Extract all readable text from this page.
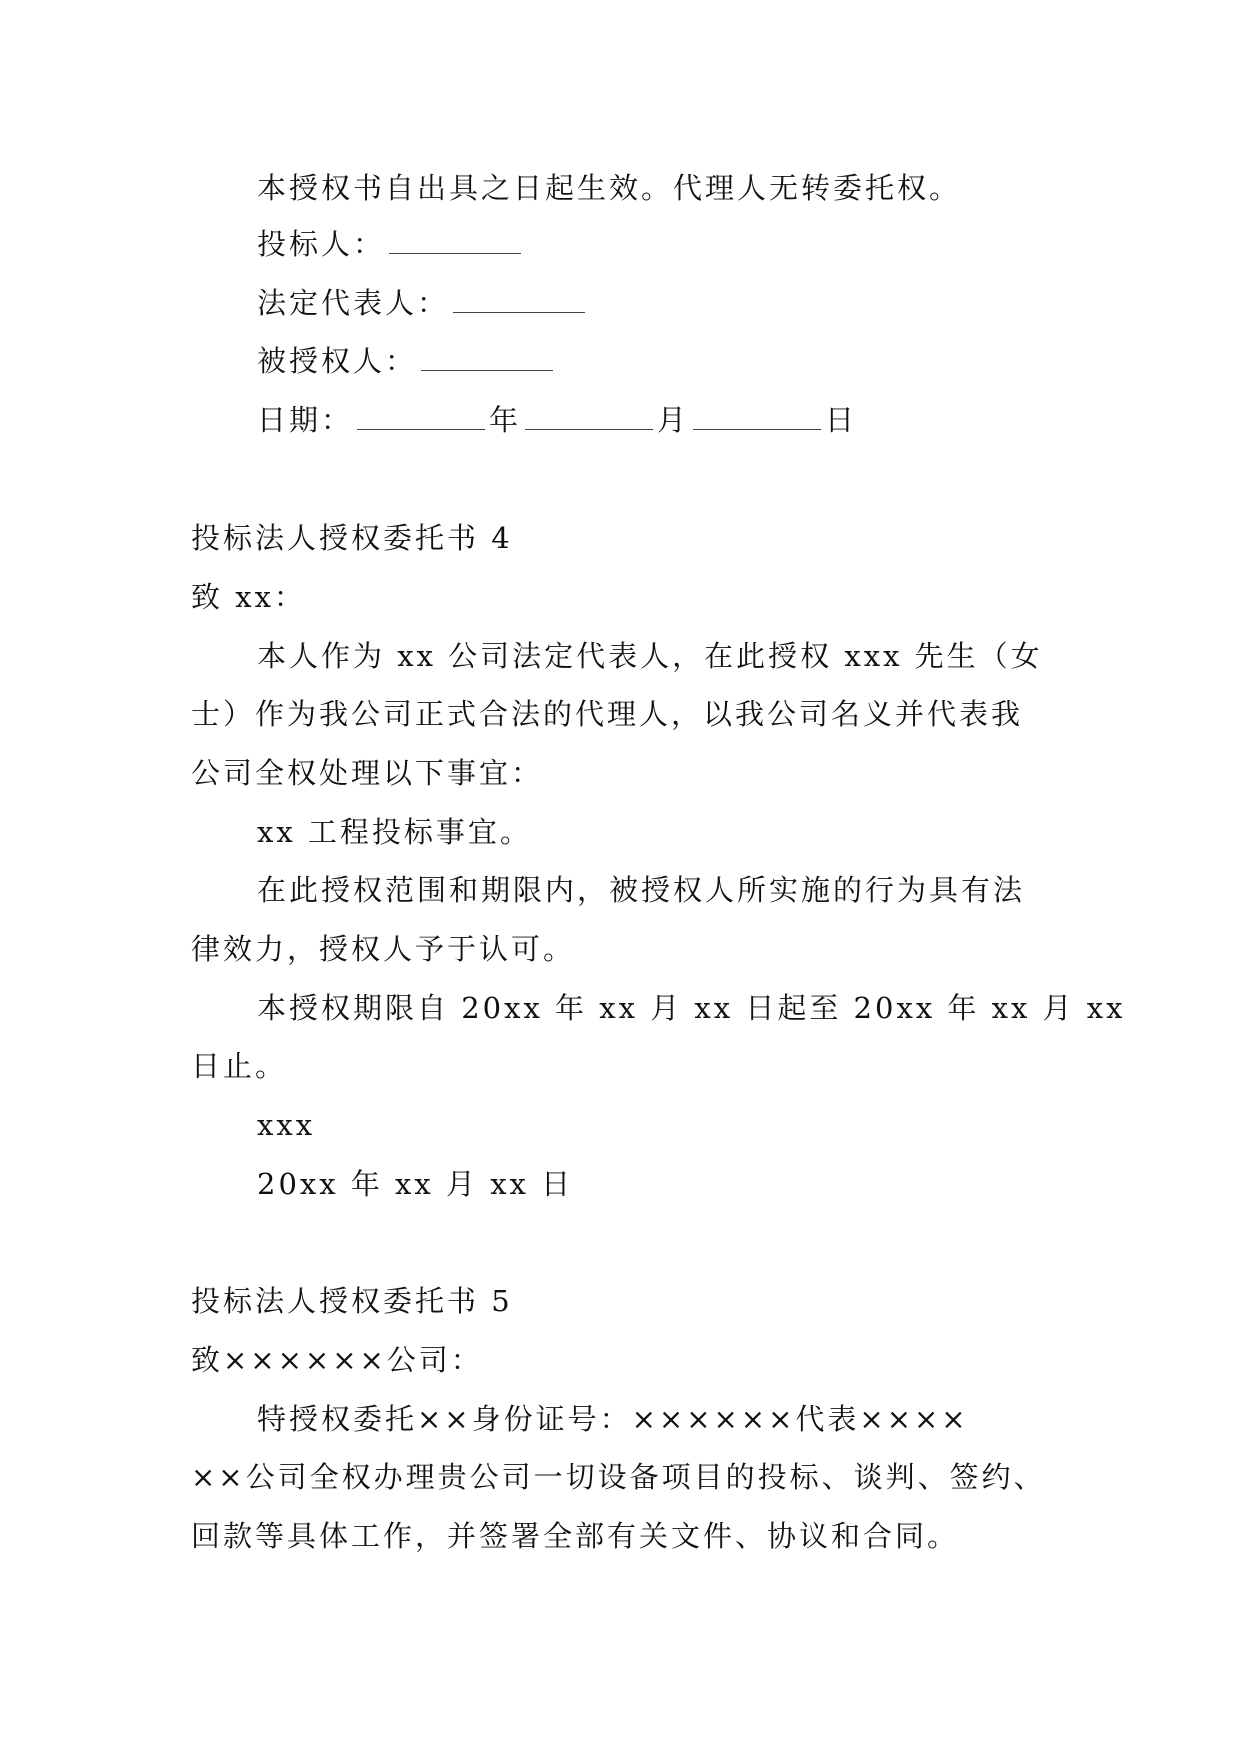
本授权书自出具之日起生效。代理人无转委托权。
投标人：
法定代表人：
被授权人：
日期：	年	月	日
投标法人授权委托书 4
致 xx：
本人作为 xx 公司法定代表人，在此授权 xxx 先生（女
士）作为我公司正式合法的代理人，以我公司名义并代表我
公司全权处理以下事宜：
xx 工程投标事宜。
在此授权范围和期限内，被授权人所实施的行为具有法
律效力，授权人予于认可。
本授权期限自 20xx 年 xx 月 xx 日起至 20xx 年 xx 月 xx
日止。
xxx
20xx 年 xx 月 xx 日
投标法人授权委托书 5
致××××××公司：
特授权委托××身份证号：××××××代表××××
××公司全权办理贵公司一切设备项目的投标、谈判、签约、
回款等具体工作，并签署全部有关文件、协议和合同。
